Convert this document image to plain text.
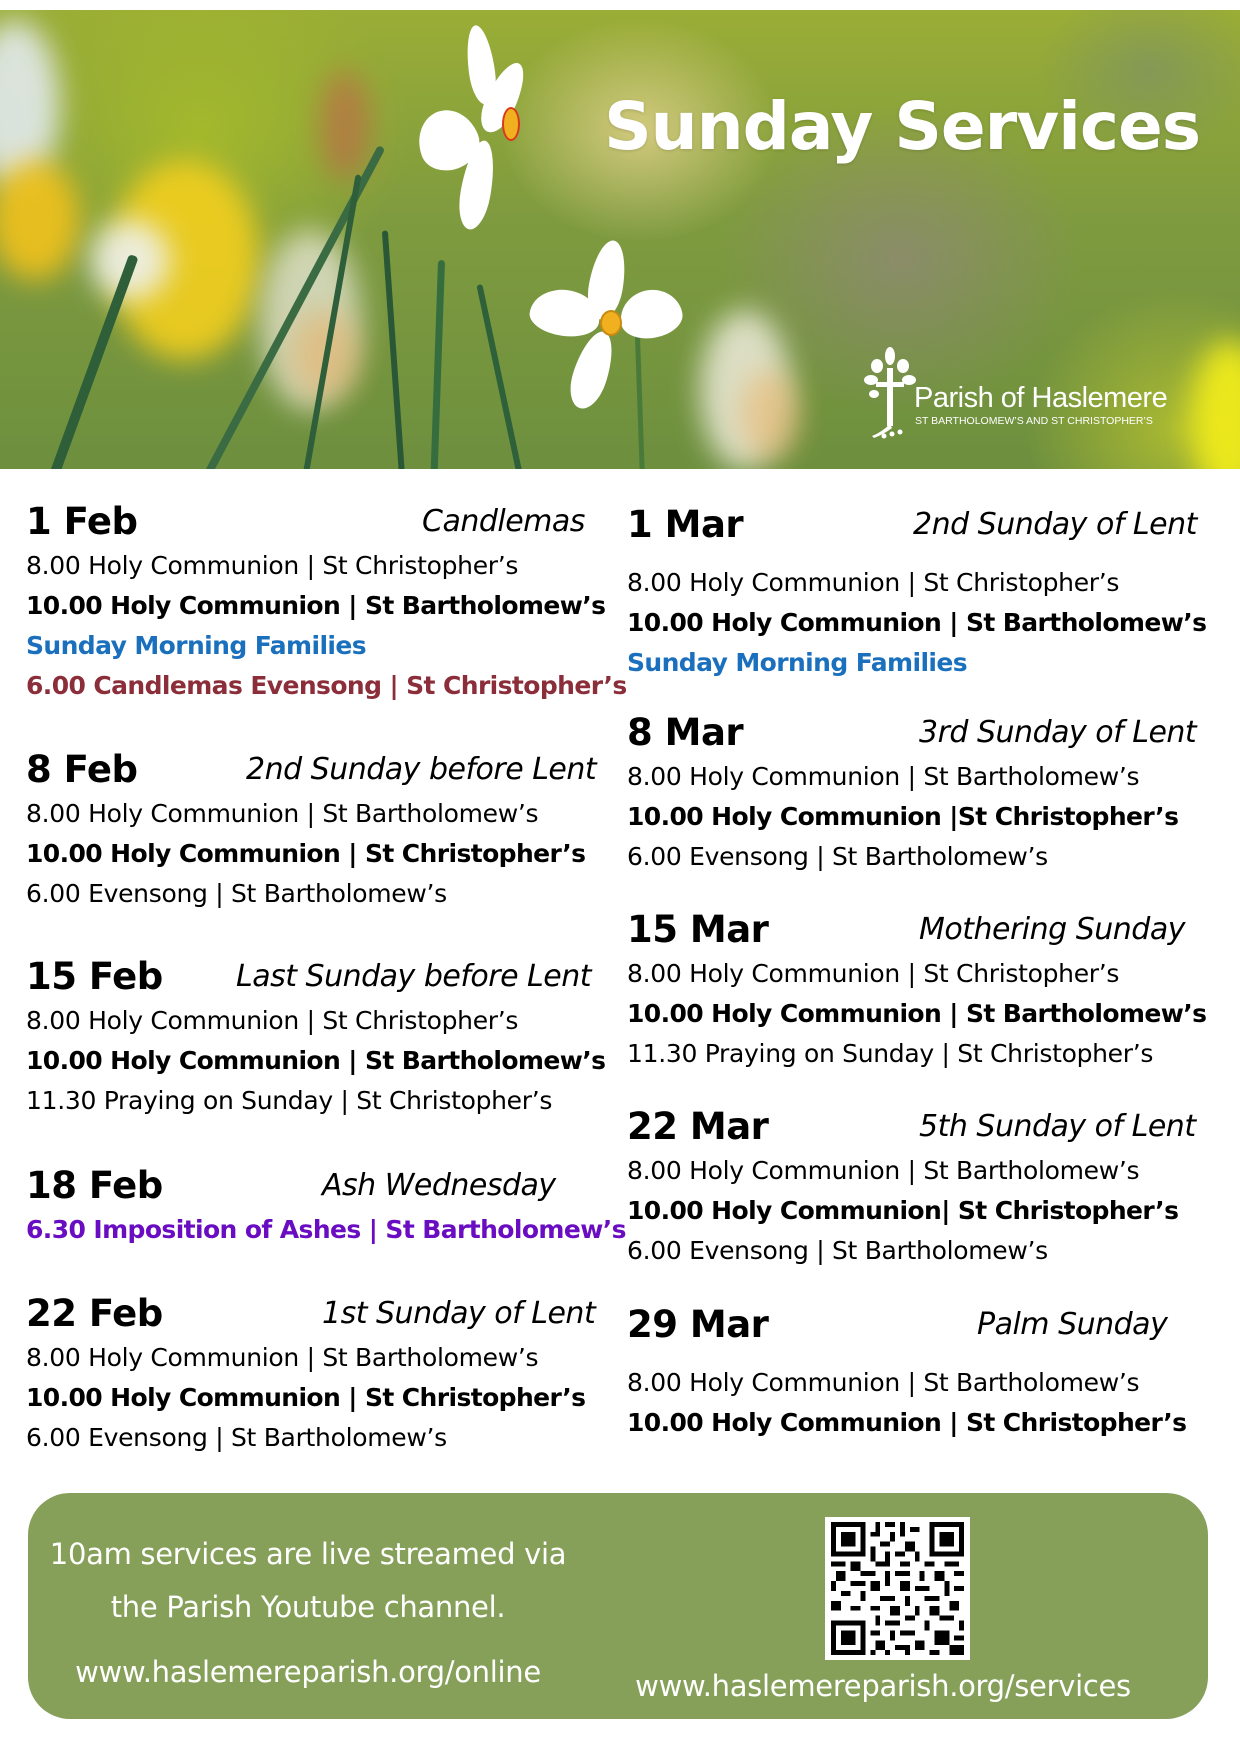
Sunday Services
Parish of Haslemere
ST BARTHOLOMEW’S AND ST CHRISTOPHER’S
1 Feb	Candlemas
8.00 Holy Communion | St Christopher’s
10.00 Holy Communion | St Bartholomew’s
Sunday Morning Families
6.00 Candlemas Evensong | St Christopher’s
8 Feb	2nd Sunday before Lent
8.00 Holy Communion | St Bartholomew’s
10.00 Holy Communion | St Christopher’s
6.00 Evensong | St Bartholomew’s
15 Feb Last Sunday before Lent
8.00 Holy Communion | St Christopher’s
10.00 Holy Communion | St Bartholomew’s
11.30 Praying on Sunday | St Christopher’s
18 Feb	Ash Wednesday
6.30 Imposition of Ashes | St Bartholomew’s
22 Feb	1st Sunday of Lent
8.00 Holy Communion | St Bartholomew’s
10.00 Holy Communion | St Christopher’s
6.00 Evensong | St Bartholomew’s
1 Mar	2nd Sunday of Lent
8.00 Holy Communion | St Christopher’s
10.00 Holy Communion | St Bartholomew’s
Sunday Morning Families
8 Mar	3rd Sunday of Lent
8.00 Holy Communion | St Bartholomew’s
10.00 Holy Communion |St Christopher’s
6.00 Evensong | St Bartholomew’s
15 Mar	Mothering Sunday
8.00 Holy Communion | St Christopher’s
10.00 Holy Communion | St Bartholomew’s
11.30 Praying on Sunday | St Christopher’s
22 Mar	5th Sunday of Lent
8.00 Holy Communion | St Bartholomew’s
10.00 Holy Communion| St Christopher’s
6.00 Evensong | St Bartholomew’s
29 Mar	Palm Sunday
8.00 Holy Communion | St Bartholomew’s
10.00 Holy Communion | St Christopher’s
10am services are live streamed via
the Parish Youtube channel.
www.haslemereparish.org/online	www.haslemereparish.org/services
